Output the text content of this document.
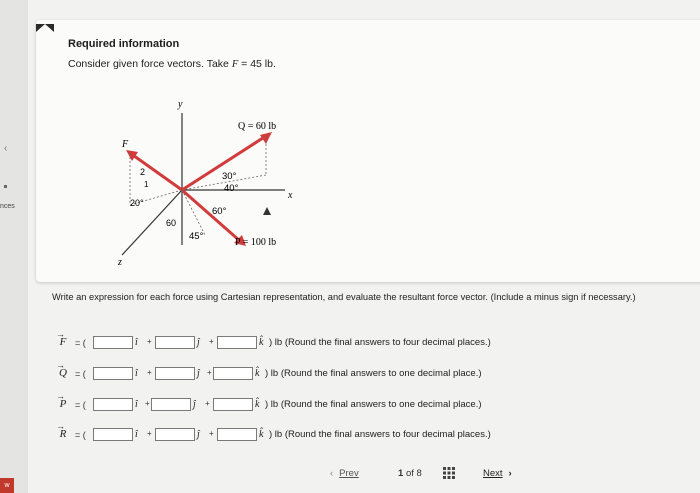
‹
nces
w
Required information
Consider given force vectors. Take F = 45 lb.
y
x
z
F
1
2
20°
60
Q = 60 lb
30°
40°
60°
P = 100 lb
45°
Write an expression for each force using Cartesian representation, and evaluate the resultant force vector. (Include a minus sign if necessary.)
→
F = (	î +	ĵ +	k̂ ) lb (Round the final answers to four decimal places.)
→
Q = (	î +	ĵ +	k̂ ) lb (Round the final answers to one decimal place.)
→
P = (	î +	ĵ +	k̂ ) lb (Round the final answers to one decimal place.)
→
R = (	î +	ĵ +	k̂ ) lb (Round the final answers to four decimal places.)
‹ Prev	1 of 8	Next ›
